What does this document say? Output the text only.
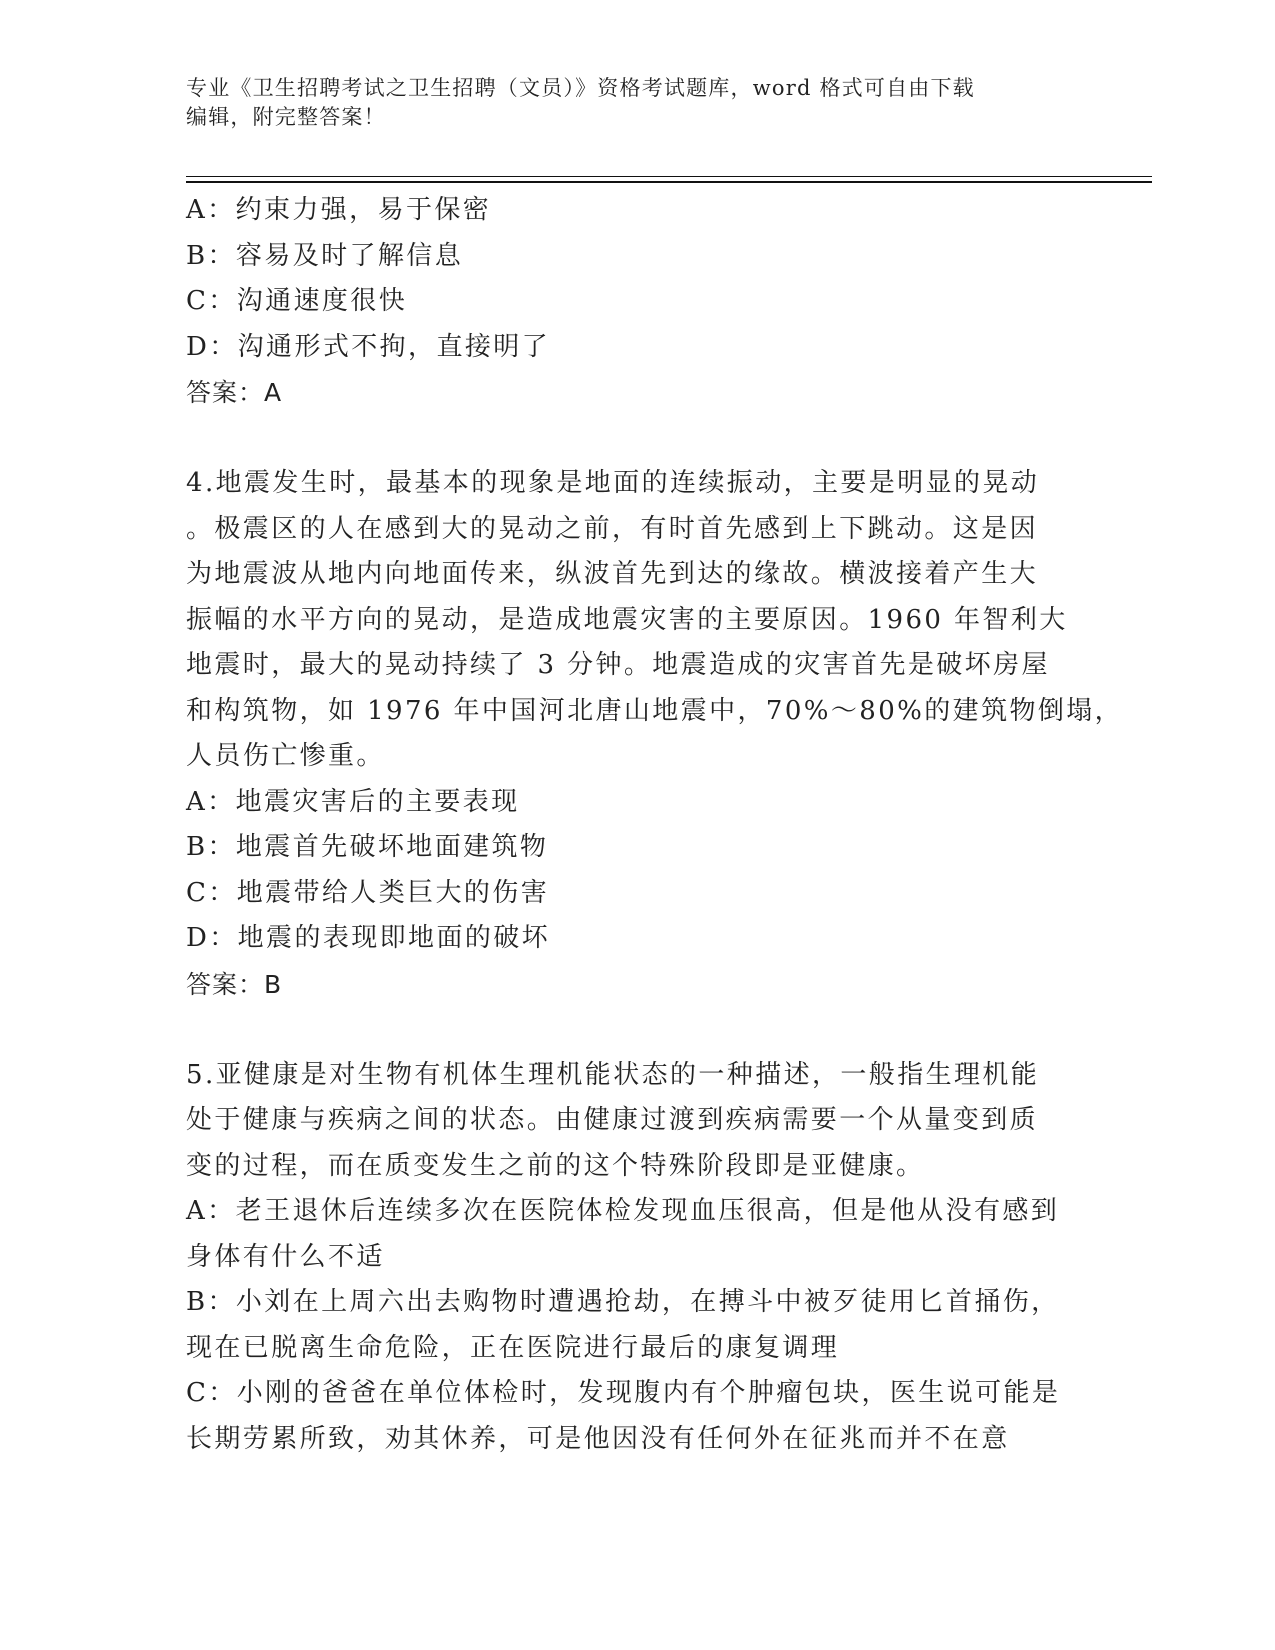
专业《卫生招聘考试之卫生招聘（文员）》资格考试题库，word 格式可自由下载
编辑，附完整答案！
A：约束力强，易于保密
B：容易及时了解信息
C：沟通速度很快
D：沟通形式不拘，直接明了
答案：A
4.地震发生时，最基本的现象是地面的连续振动，主要是明显的晃动
。极震区的人在感到大的晃动之前，有时首先感到上下跳动。这是因
为地震波从地内向地面传来，纵波首先到达的缘故。横波接着产生大
振幅的水平方向的晃动，是造成地震灾害的主要原因。1960 年智利大
地震时，最大的晃动持续了 3 分钟。地震造成的灾害首先是破坏房屋
和构筑物，如 1976 年中国河北唐山地震中，70%～80%的建筑物倒塌，
人员伤亡惨重。
A：地震灾害后的主要表现
B：地震首先破坏地面建筑物
C：地震带给人类巨大的伤害
D：地震的表现即地面的破坏
答案：B
5.亚健康是对生物有机体生理机能状态的一种描述，一般指生理机能
处于健康与疾病之间的状态。由健康过渡到疾病需要一个从量变到质
变的过程，而在质变发生之前的这个特殊阶段即是亚健康。
A：老王退休后连续多次在医院体检发现血压很高，但是他从没有感到
身体有什么不适
B：小刘在上周六出去购物时遭遇抢劫，在搏斗中被歹徒用匕首捅伤，
现在已脱离生命危险，正在医院进行最后的康复调理
C：小刚的爸爸在单位体检时，发现腹内有个肿瘤包块，医生说可能是
长期劳累所致，劝其休养，可是他因没有任何外在征兆而并不在意
